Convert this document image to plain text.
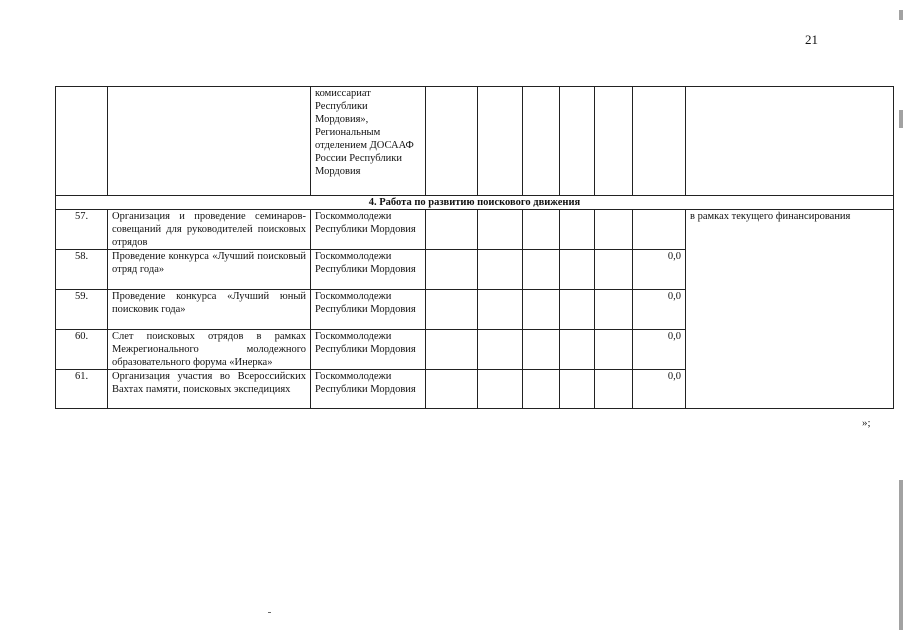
21
		комиссариат Республики Мордовия», Региональным отделением ДОСААФ России Республики Мордовия							
4. Работа по развитию поискового движения									
57.	Организация и проведение семинаров-совещаний для руководителей поисковых отрядов	Госкоммолодежи Республики Мордовия							в рамках текущего финансирования
58.	Проведение конкурса «Лучший поисковый отряд года»	Госкоммолодежи Республики Мордовия						0,0	
59.	Проведение конкурса «Лучший юный поисковик года»	Госкоммолодежи Республики Мордовия						0,0	
60.	Слет поисковых отрядов в рамках Межрегионального молодежного образовательного форума «Инерка»	Госкоммолодежи Республики Мордовия						0,0	
61.	Организация участия во Всероссийских Вахтах памяти, поисковых экспедициях	Госкоммолодежи Республики Мордовия						0,0	
»;
